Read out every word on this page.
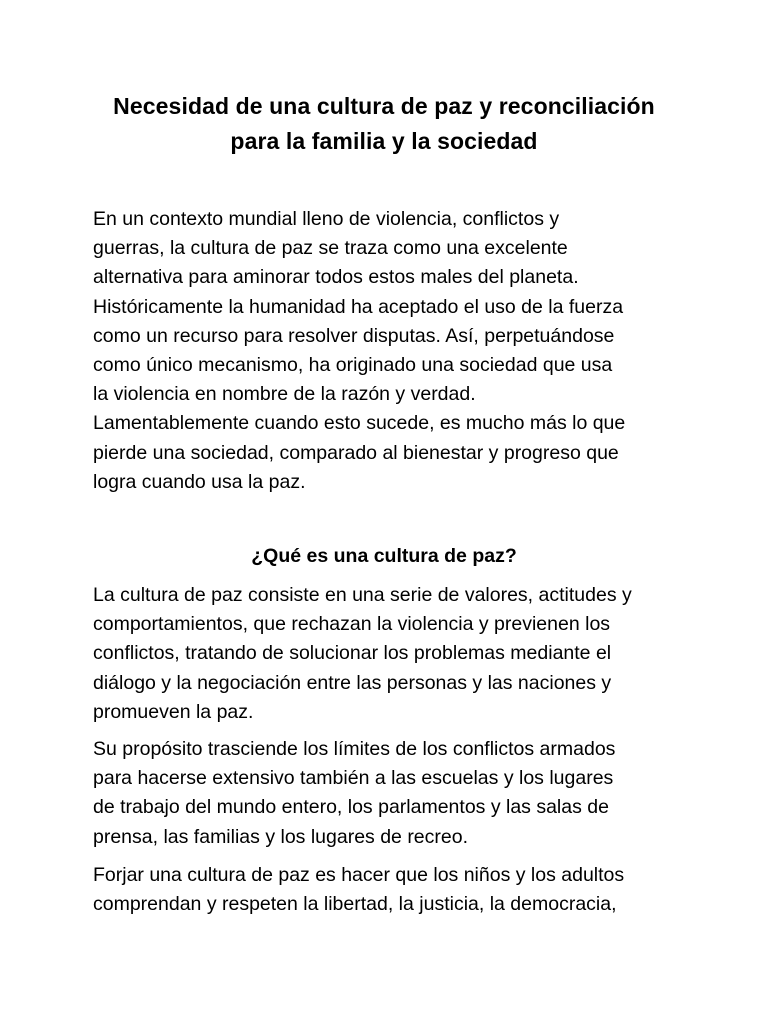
Necesidad de una cultura de paz y reconciliación
para la familia y la sociedad
En un contexto mundial lleno de violencia, conflictos y
guerras, la cultura de paz se traza como una excelente
alternativa para aminorar todos estos males del planeta.
Históricamente la humanidad ha aceptado el uso de la fuerza
como un recurso para resolver disputas. Así, perpetuándose
como único mecanismo, ha originado una sociedad que usa
la violencia en nombre de la razón y verdad.
Lamentablemente cuando esto sucede, es mucho más lo que
pierde una sociedad, comparado al bienestar y progreso que
logra cuando usa la paz.
¿Qué es una cultura de paz?
La cultura de paz consiste en una serie de valores, actitudes y
comportamientos, que rechazan la violencia y previenen los
conflictos, tratando de solucionar los problemas mediante el
diálogo y la negociación entre las personas y las naciones y
promueven la paz.
Su propósito trasciende los límites de los conflictos armados
para hacerse extensivo también a las escuelas y los lugares
de trabajo del mundo entero, los parlamentos y las salas de
prensa, las familias y los lugares de recreo.
Forjar una cultura de paz es hacer que los niños y los adultos
comprendan y respeten la libertad, la justicia, la democracia,
